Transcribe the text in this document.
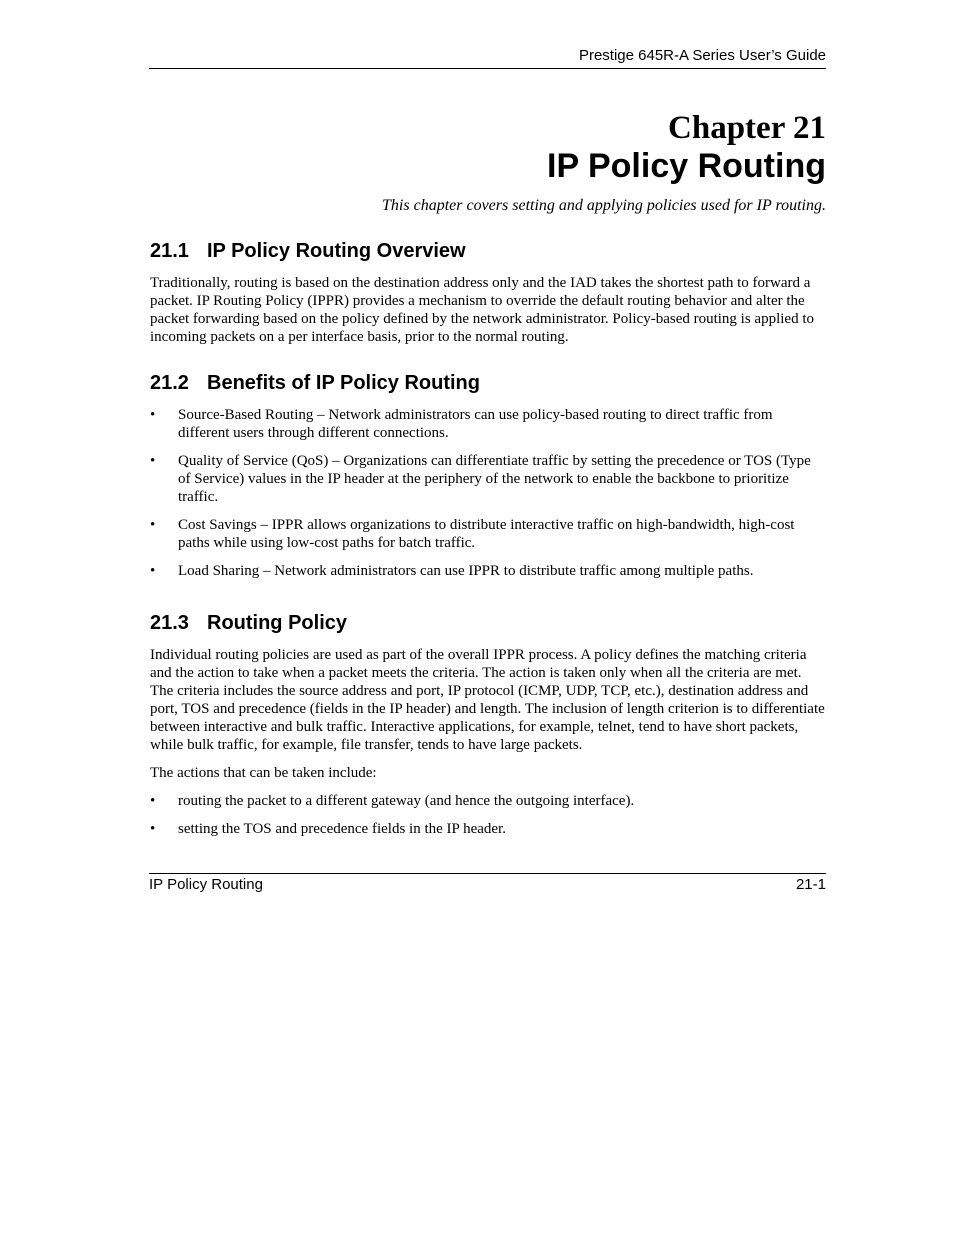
Prestige 645R-A Series User’s Guide
Chapter 21
IP Policy Routing
This chapter covers setting and applying policies used for IP routing.
21.1 IP Policy Routing Overview

Traditionally, routing is based on the destination address only and the IAD takes the shortest path to forward a packet. IP Routing Policy (IPPR) provides a mechanism to override the default routing behavior and alter the packet forwarding based on the policy defined by the network administrator. Policy-based routing is applied to incoming packets on a per interface basis, prior to the normal routing.

21.2 Benefits of IP Policy Routing
•	Source-Based Routing – Network administrators can use policy-based routing to direct traffic from different users through different connections.
•	Quality of Service (QoS) – Organizations can differentiate traffic by setting the precedence or TOS (Type of Service) values in the IP header at the periphery of the network to enable the backbone to prioritize traffic.
•	Cost Savings – IPPR allows organizations to distribute interactive traffic on high-bandwidth, high-cost paths while using low-cost paths for batch traffic.
•	Load Sharing – Network administrators can use IPPR to distribute traffic among multiple paths.
21.3 Routing Policy

Individual routing policies are used as part of the overall IPPR process. A policy defines the matching criteria and the action to take when a packet meets the criteria. The action is taken only when all the criteria are met. The criteria includes the source address and port, IP protocol (ICMP, UDP, TCP, etc.), destination address and port, TOS and precedence (fields in the IP header) and length. The inclusion of length criterion is to differentiate between interactive and bulk traffic. Interactive applications, for example, telnet, tend to have short packets, while bulk traffic, for example, file transfer, tends to have large packets.

The actions that can be taken include:

•	routing the packet to a different gateway (and hence the outgoing interface).
•	setting the TOS and precedence fields in the IP header.
IP Policy Routing	21-1
